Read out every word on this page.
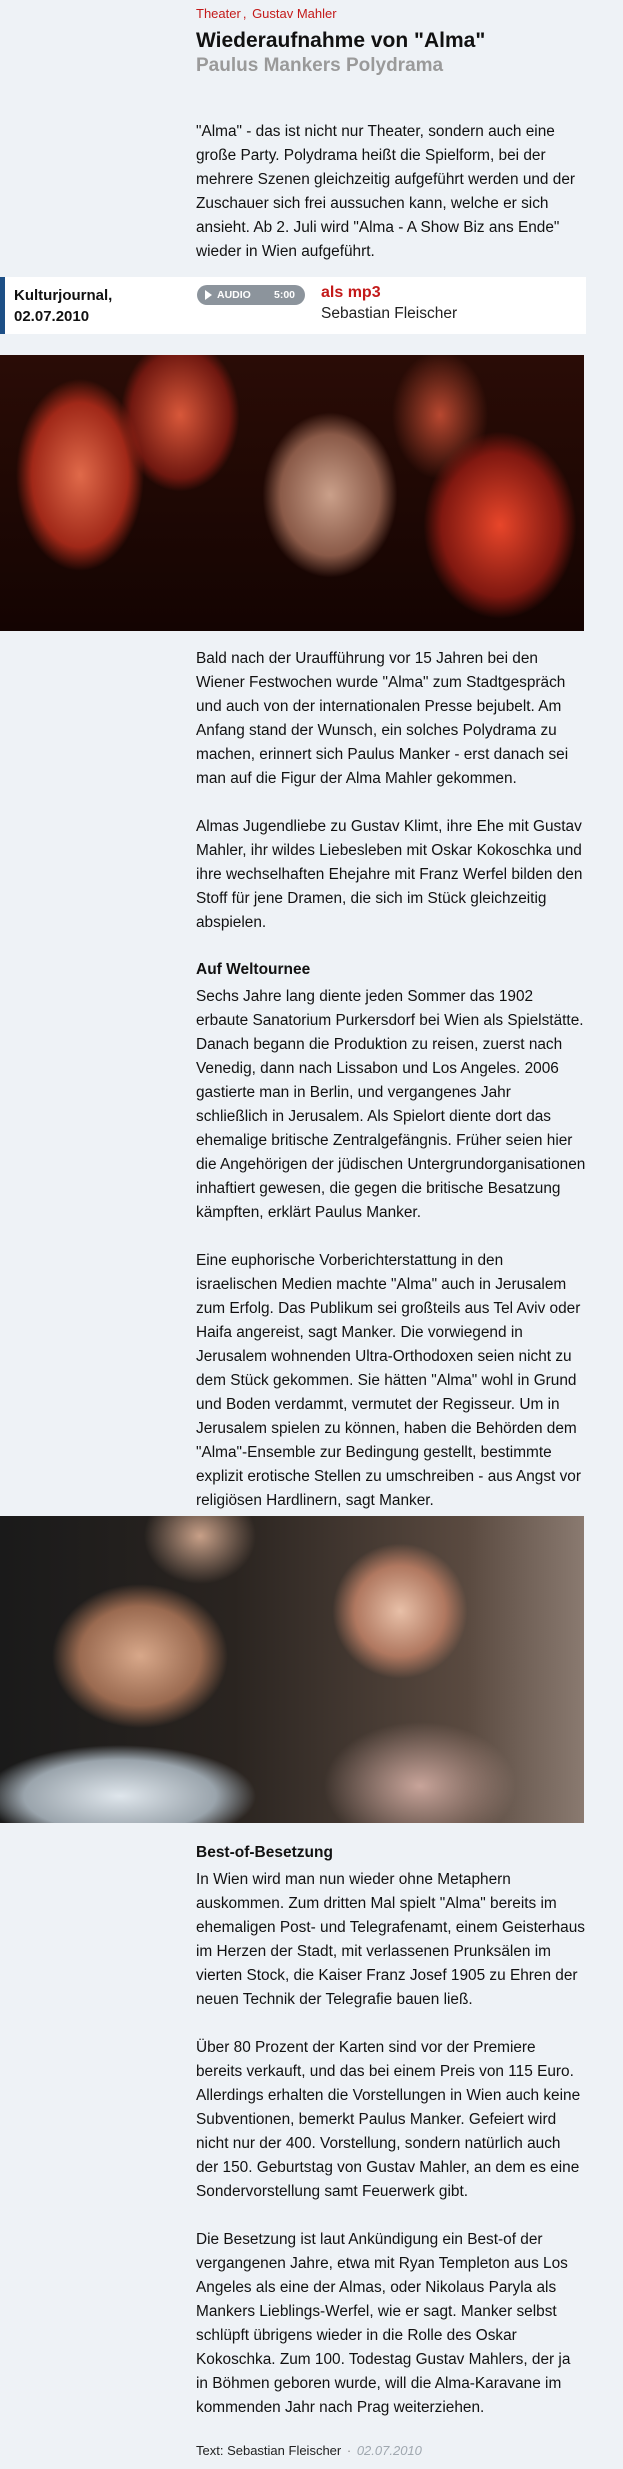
Theater , Gustav Mahler
Wiederaufnahme von "Alma"
Paulus Mankers Polydrama

"Alma" - das ist nicht nur Theater, sondern auch eine große Party. Polydrama heißt die Spielform, bei der mehrere Szenen gleichzeitig aufgeführt werden und der Zuschauer sich frei aussuchen kann, welche er sich ansieht. Ab 2. Juli wird "Alma - A Show Biz ans Ende" wieder in Wien aufgeführt.

Kulturjournal,
02.07.2010
AUDIO 5:00 als mp3
Sebastian Fleischer

Bald nach der Uraufführung vor 15 Jahren bei den Wiener Festwochen wurde "Alma" zum Stadtgespräch und auch von der internationalen Presse bejubelt. Am Anfang stand der Wunsch, ein solches Polydrama zu machen, erinnert sich Paulus Manker - erst danach sei man auf die Figur der Alma Mahler gekommen.

Almas Jugendliebe zu Gustav Klimt, ihre Ehe mit Gustav Mahler, ihr wildes Liebesleben mit Oskar Kokoschka und ihre wechselhaften Ehejahre mit Franz Werfel bilden den Stoff für jene Dramen, die sich im Stück gleichzeitig abspielen.

Auf Weltournee

Sechs Jahre lang diente jeden Sommer das 1902 erbaute Sanatorium Purkersdorf bei Wien als Spielstätte. Danach begann die Produktion zu reisen, zuerst nach Venedig, dann nach Lissabon und Los Angeles. 2006 gastierte man in Berlin, und vergangenes Jahr schließlich in Jerusalem. Als Spielort diente dort das ehemalige britische Zentralgefängnis. Früher seien hier die Angehörigen der jüdischen Untergrundorganisationen inhaftiert gewesen, die gegen die britische Besatzung kämpften, erklärt Paulus Manker.

Eine euphorische Vorberichterstattung in den israelischen Medien machte "Alma" auch in Jerusalem zum Erfolg. Das Publikum sei großteils aus Tel Aviv oder Haifa angereist, sagt Manker. Die vorwiegend in Jerusalem wohnenden Ultra-Orthodoxen seien nicht zu dem Stück gekommen. Sie hätten "Alma" wohl in Grund und Boden verdammt, vermutet der Regisseur. Um in Jerusalem spielen zu können, haben die Behörden dem "Alma"-Ensemble zur Bedingung gestellt, bestimmte explizit erotische Stellen zu umschreiben - aus Angst vor religiösen Hardlinern, sagt Manker.

Best-of-Besetzung

In Wien wird man nun wieder ohne Metaphern auskommen. Zum dritten Mal spielt "Alma" bereits im ehemaligen Post- und Telegrafenamt, einem Geisterhaus im Herzen der Stadt, mit verlassenen Prunksälen im vierten Stock, die Kaiser Franz Josef 1905 zu Ehren der neuen Technik der Telegrafie bauen ließ.

Über 80 Prozent der Karten sind vor der Premiere bereits verkauft, und das bei einem Preis von 115 Euro. Allerdings erhalten die Vorstellungen in Wien auch keine Subventionen, bemerkt Paulus Manker. Gefeiert wird nicht nur der 400. Vorstellung, sondern natürlich auch der 150. Geburtstag von Gustav Mahler, an dem es eine Sondervorstellung samt Feuerwerk gibt.

Die Besetzung ist laut Ankündigung ein Best-of der vergangenen Jahre, etwa mit Ryan Templeton aus Los Angeles als eine der Almas, oder Nikolaus Paryla als Mankers Lieblings-Werfel, wie er sagt. Manker selbst schlüpft übrigens wieder in die Rolle des Oskar Kokoschka. Zum 100. Todestag Gustav Mahlers, der ja in Böhmen geboren wurde, will die Alma-Karavane im kommenden Jahr nach Prag weiterziehen.

Text: Sebastian Fleischer · 02.07.2010
